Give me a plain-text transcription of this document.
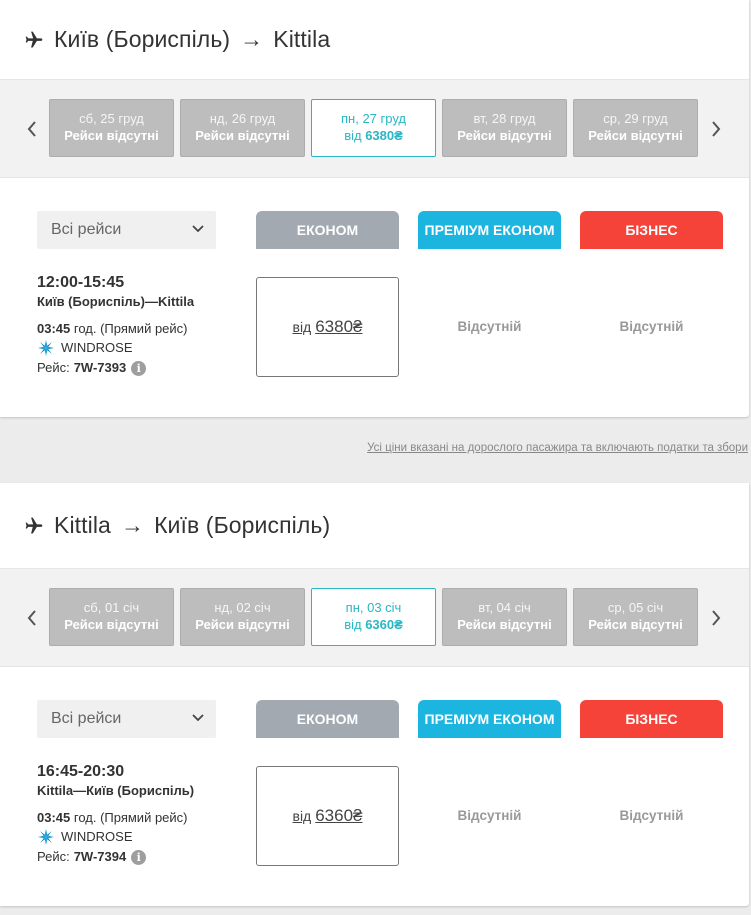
Київ (Бориспіль) → Kittila
сб, 25 груд
Рейси відсутні
нд, 26 груд
Рейси відсутні
пн, 27 груд
від 6380₴
вт, 28 груд
Рейси відсутні
ср, 29 груд
Рейси відсутні
Всі рейси	ЕКОНОМ	ПРЕМІУМ ЕКОНОМ	БІЗНЕС
12:00-15:45
Київ (Бориспіль)—Kittila
03:45 год. (Прямий рейс)
WINDROSE
Рейс: 7W-7393 i
від 6380₴	Відсутній	Відсутній
Усі ціни вказані на дорослого пасажира та включають податки та збори
Kittila → Київ (Бориспіль)
сб, 01 січ
Рейси відсутні
нд, 02 січ
Рейси відсутні
пн, 03 січ
від 6360₴
вт, 04 січ
Рейси відсутні
ср, 05 січ
Рейси відсутні
Всі рейси	ЕКОНОМ	ПРЕМІУМ ЕКОНОМ	БІЗНЕС
16:45-20:30
Kittila—Київ (Бориспіль)
03:45 год. (Прямий рейс)
WINDROSE
Рейс: 7W-7394 i
від 6360₴	Відсутній	Відсутній
